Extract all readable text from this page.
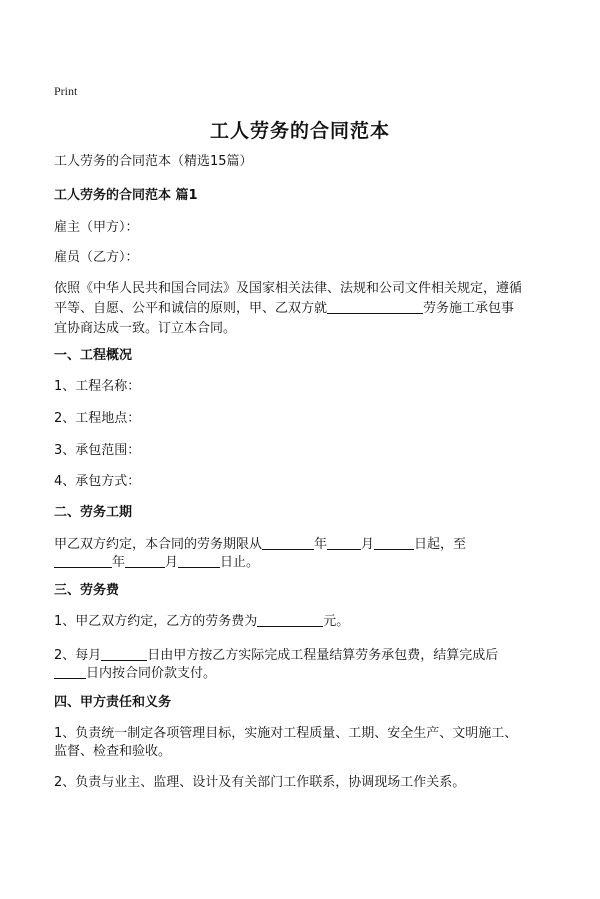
Print
工人劳务的合同范本

工人劳务的合同范本（精选15篇）

工人劳务的合同范本 篇1

雇主（甲方）：

雇员（乙方）：

依照《中华人民共和国合同法》及国家相关法律、法规和公司文件相关规定，遵循

平等、自愿、公平和诚信的原则，甲、乙双方就	劳务施工承包事

宜协商达成一致。订立本合同。

一、工程概况

1、工程名称：

2、工程地点：

3、承包范围：

4、承包方式：

二、劳务工期

甲乙双方约定，本合同的劳务期限从	年	月	日起，至

年	月	日止。

三、劳务费

1、甲乙双方约定，乙方的劳务费为	元。

2、每月	日由甲方按乙方实际完成工程量结算劳务承包费，结算完成后

日内按合同价款支付。

四、甲方责任和义务

1、负责统一制定各项管理目标，实施对工程质量、工期、安全生产、文明施工、

监督、检查和验收。

2、负责与业主、监理、设计及有关部门工作联系，协调现场工作关系。
